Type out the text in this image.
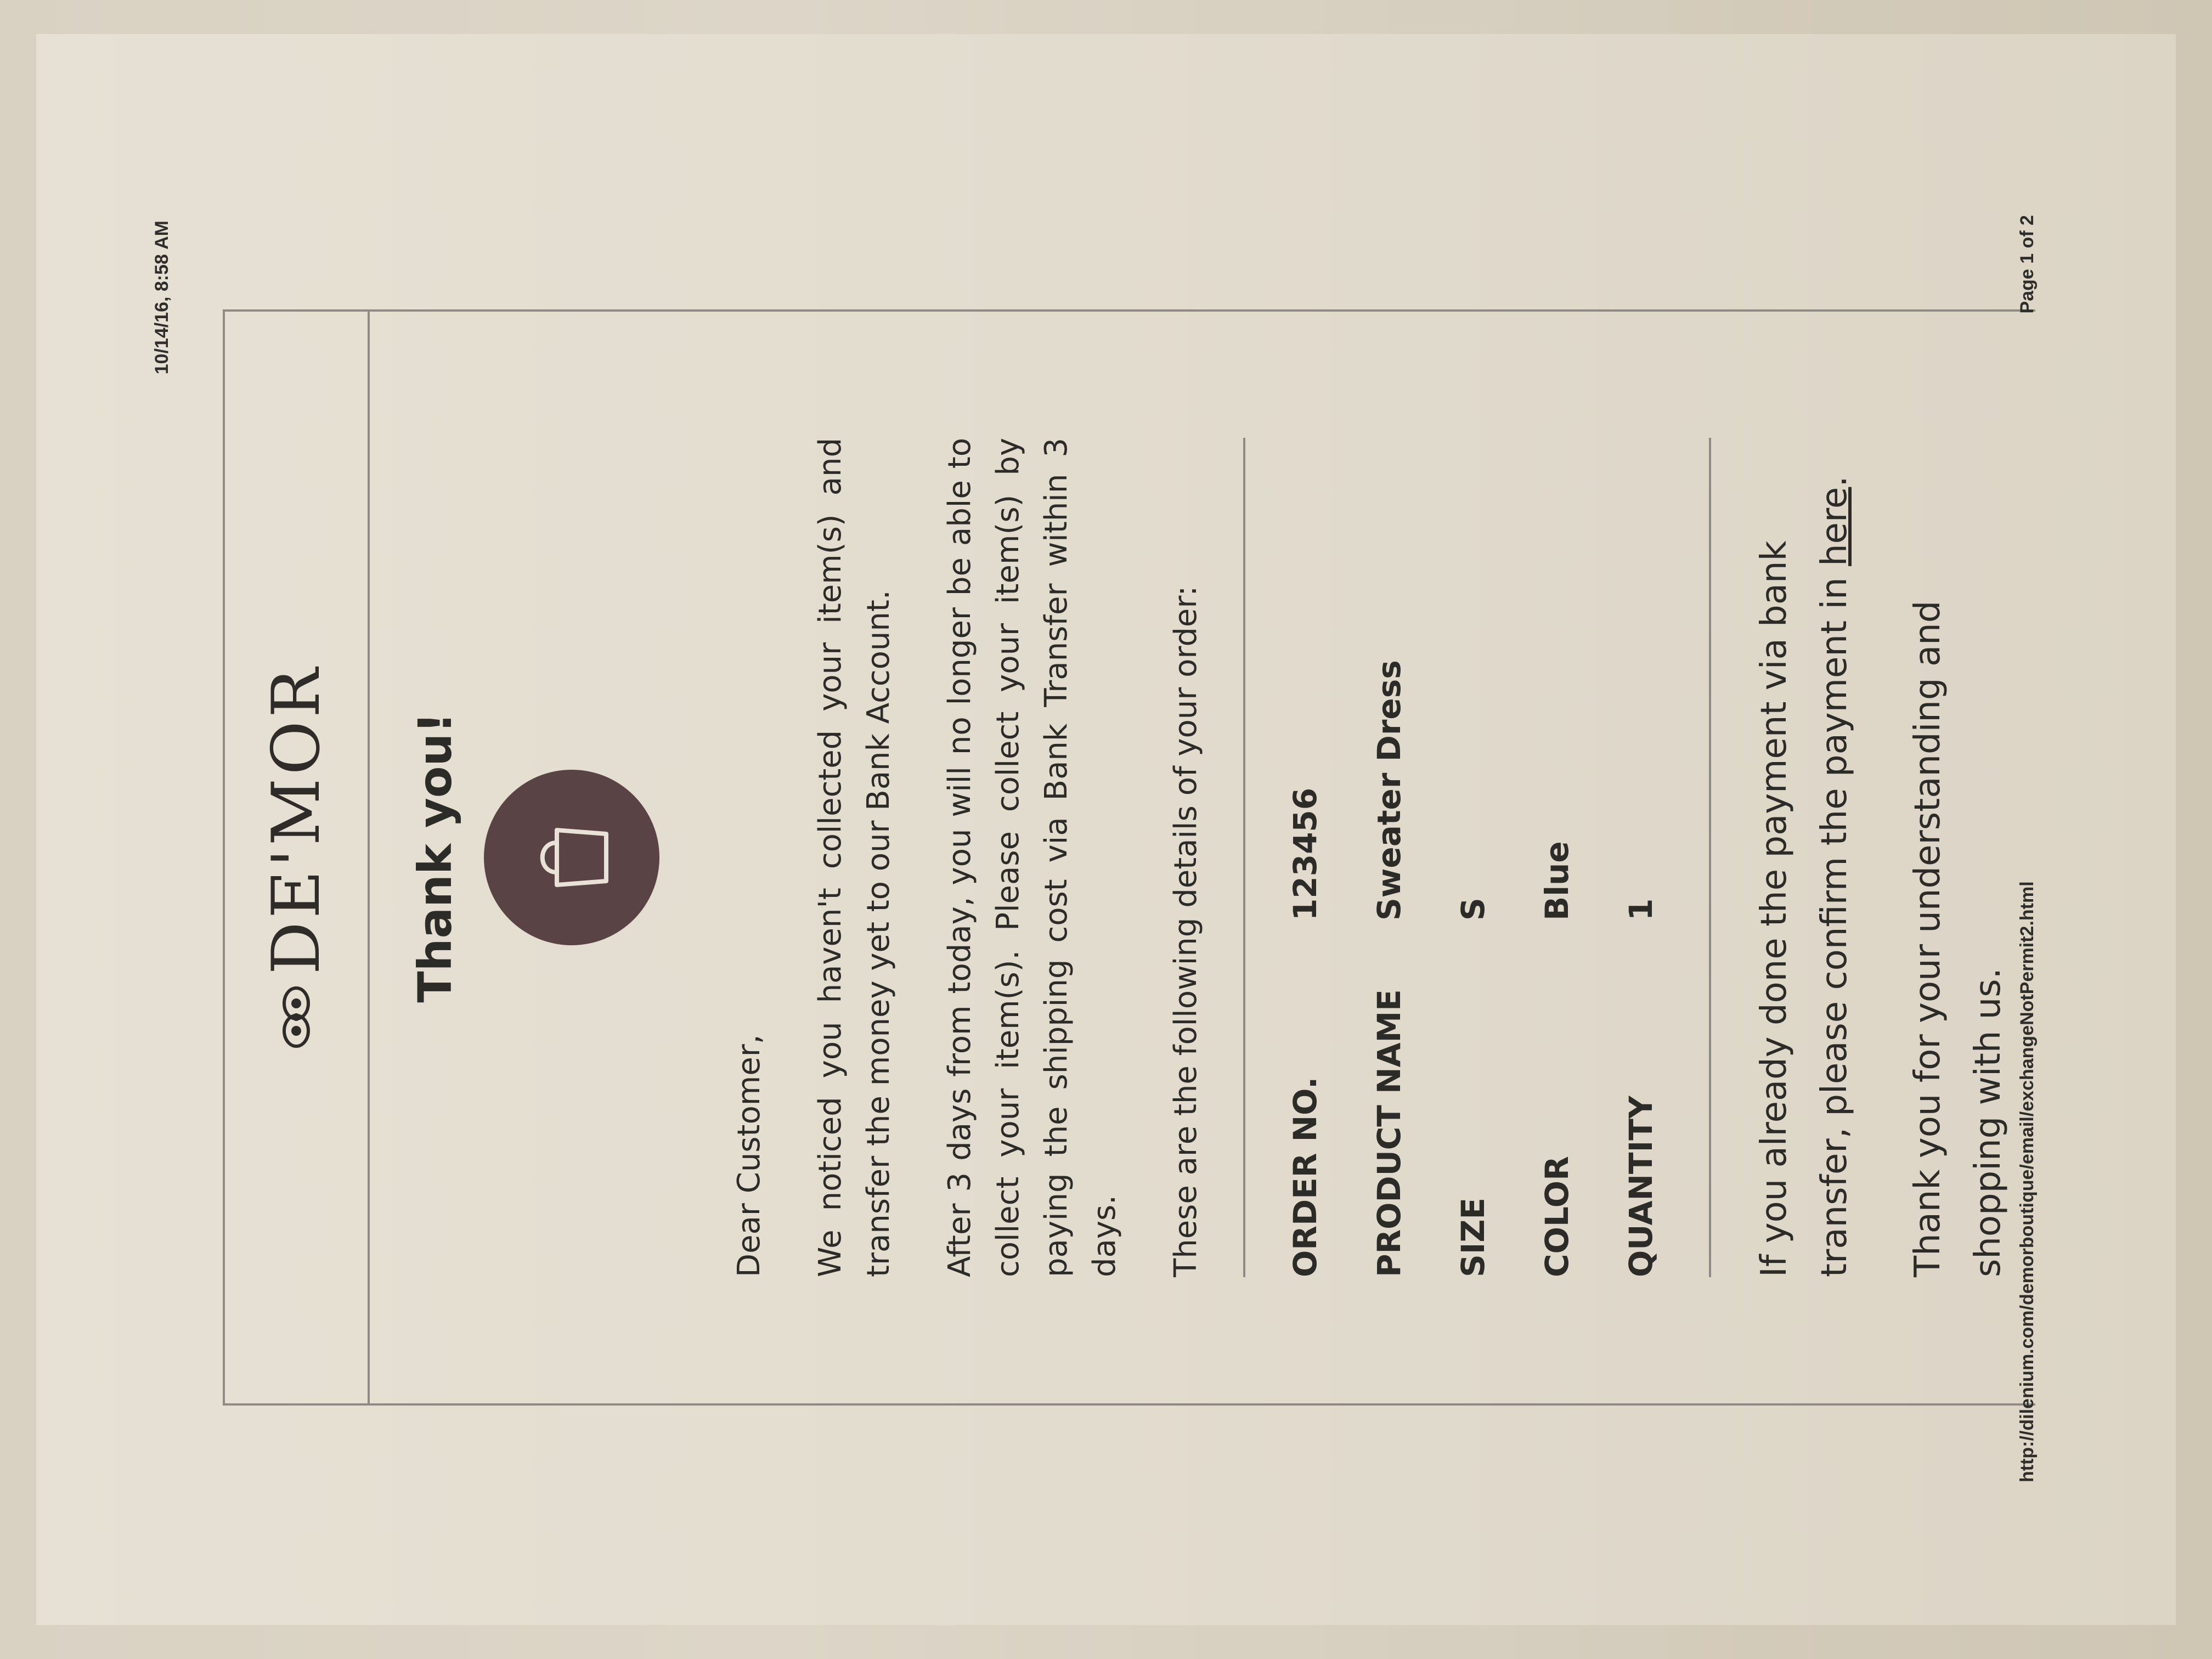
10/14/16, 8:58 AM
DE'MOR Thank you!

Dear Customer, We noticed you haven't collected your item(s) and transfer the money yet to our Bank Account. After 3 days from today, you will no longer be able to collect your item(s). Please collect your item(s) by paying the shipping cost via Bank Transfer within 3 days. These are the following details of your order:	ORDER NO.
123456
PRODUCT NAME
Sweater Dress
SIZE
S
COLOR
Blue
QUANTITY
1	If you already done the payment via bank transfer, please confirm the payment in here.

Thank you for your understanding and shopping with us. http://dilenium.com/demorboutique/email/exchangeNotPermit2.html
Page 1 of 2
